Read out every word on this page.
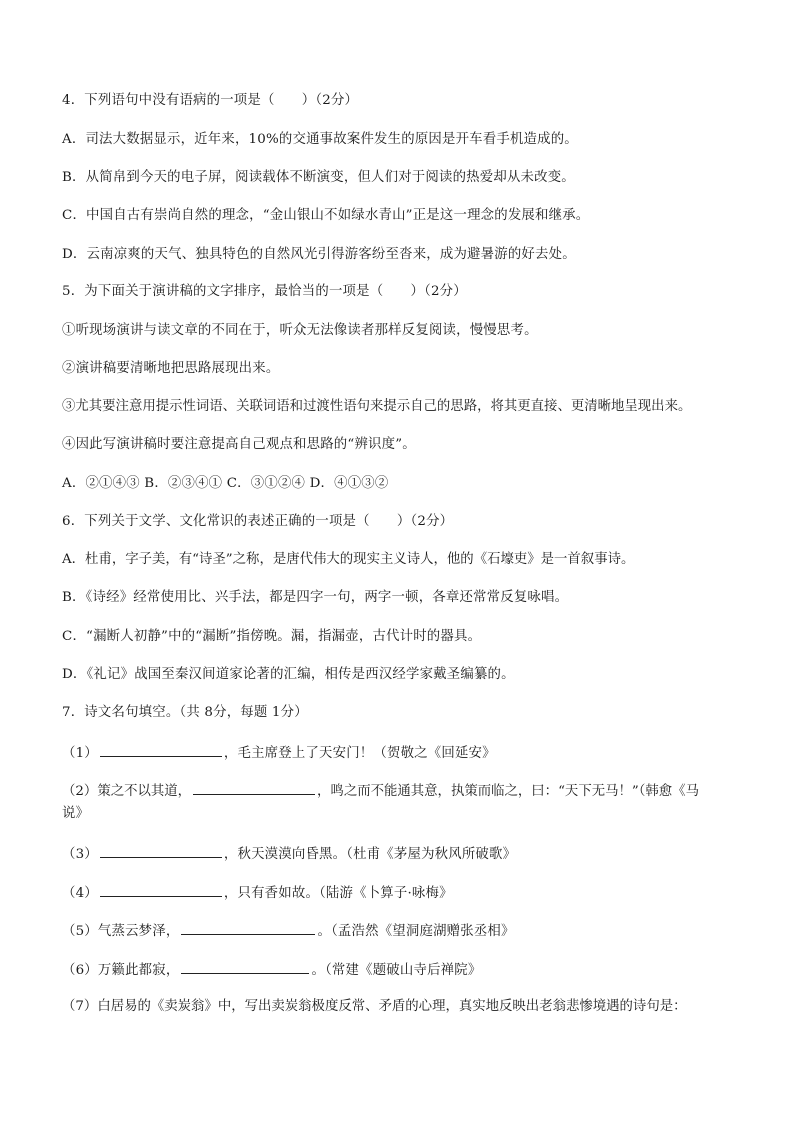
4．下列语句中没有语病的一项是（　　）（2分）
A．司法大数据显示，近年来，10%的交通事故案件发生的原因是开车看手机造成的。
B．从简帛到今天的电子屏，阅读载体不断演变，但人们对于阅读的热爱却从未改变。
C．中国自古有崇尚自然的理念，“金山银山不如绿水青山”正是这一理念的发展和继承。
D．云南凉爽的天气、独具特色的自然风光引得游客纷至沓来，成为避暑游的好去处。
5．为下面关于演讲稿的文字排序，最恰当的一项是（　　）（2分）
①听现场演讲与读文章的不同在于，听众无法像读者那样反复阅读，慢慢思考。
②演讲稿要清晰地把思路展现出来。
③尤其要注意用提示性词语、关联词语和过渡性语句来提示自己的思路，将其更直接、更清晰地呈现出来。
④因此写演讲稿时要注意提高自己观点和思路的“辨识度”。
A．②①④③ B．②③④① C．③①②④ D．④①③②
6．下列关于文学、文化常识的表述正确的一项是（　　）（2分）
A．杜甫，字子美，有“诗圣”之称，是唐代伟大的现实主义诗人，他的《石壕吏》是一首叙事诗。
B．《诗经》经常使用比、兴手法，都是四字一句，两字一顿，各章还常常反复咏唱。
C．“漏断人初静”中的“漏断”指傍晚。漏，指漏壶，古代计时的器具。
D．《礼记》战国至秦汉间道家论著的汇编，相传是西汉经学家戴圣编纂的。
7．诗文名句填空。（共 8分，每题 1分）
（1）	，毛主席登上了天安门！（贺敬之《回延安》
（2）策之不以其道，	，鸣之而不能通其意，执策而临之，曰：“天下无马！”（韩愈《马
说》
（3）	，秋天漠漠向昏黑。（杜甫《茅屋为秋风所破歌》
（4）	，只有香如故。（陆游《卜算子·咏梅》
（5）气蒸云梦泽，	。（孟浩然《望洞庭湖赠张丞相》
（6）万籁此都寂，	。（常建《题破山寺后禅院》
（7）白居易的《卖炭翁》中，写出卖炭翁极度反常、矛盾的心理，真实地反映出老翁悲惨境遇的诗句是：
